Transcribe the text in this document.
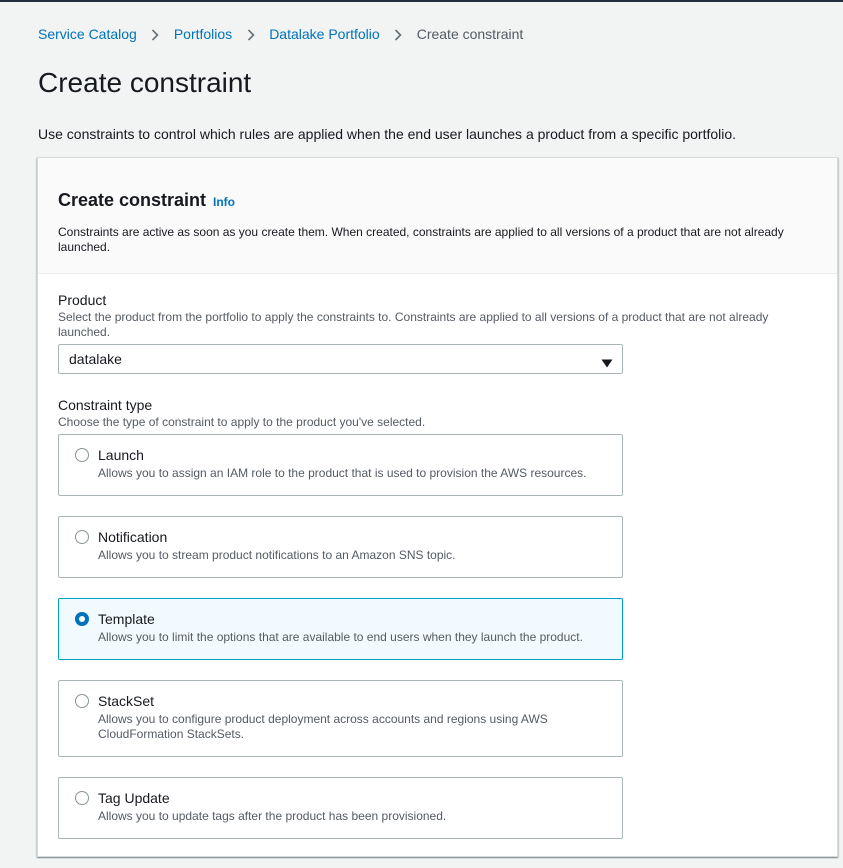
Service Catalog	Portfolios	Datalake Portfolio	Create constraint
Create constraint

Use constraints to control which rules are applied when the end user launches a product from a specific portfolio.

Create constraint Info

Constraints are active as soon as you create them. When created, constraints are applied to all versions of a product that are not already launched.

Product

Select the product from the portfolio to apply the constraints to. Constraints are applied to all versions of a product that are not already launched.

datalake
Constraint type

Choose the type of constraint to apply to the product you've selected.

Launch
Allows you to assign an IAM role to the product that is used to provision the AWS resources.
Notification
Allows you to stream product notifications to an Amazon SNS topic.
Template
Allows you to limit the options that are available to end users when they launch the product.
StackSet
Allows you to configure product deployment across accounts and regions using AWS CloudFormation StackSets.
Tag Update
Allows you to update tags after the product has been provisioned.
